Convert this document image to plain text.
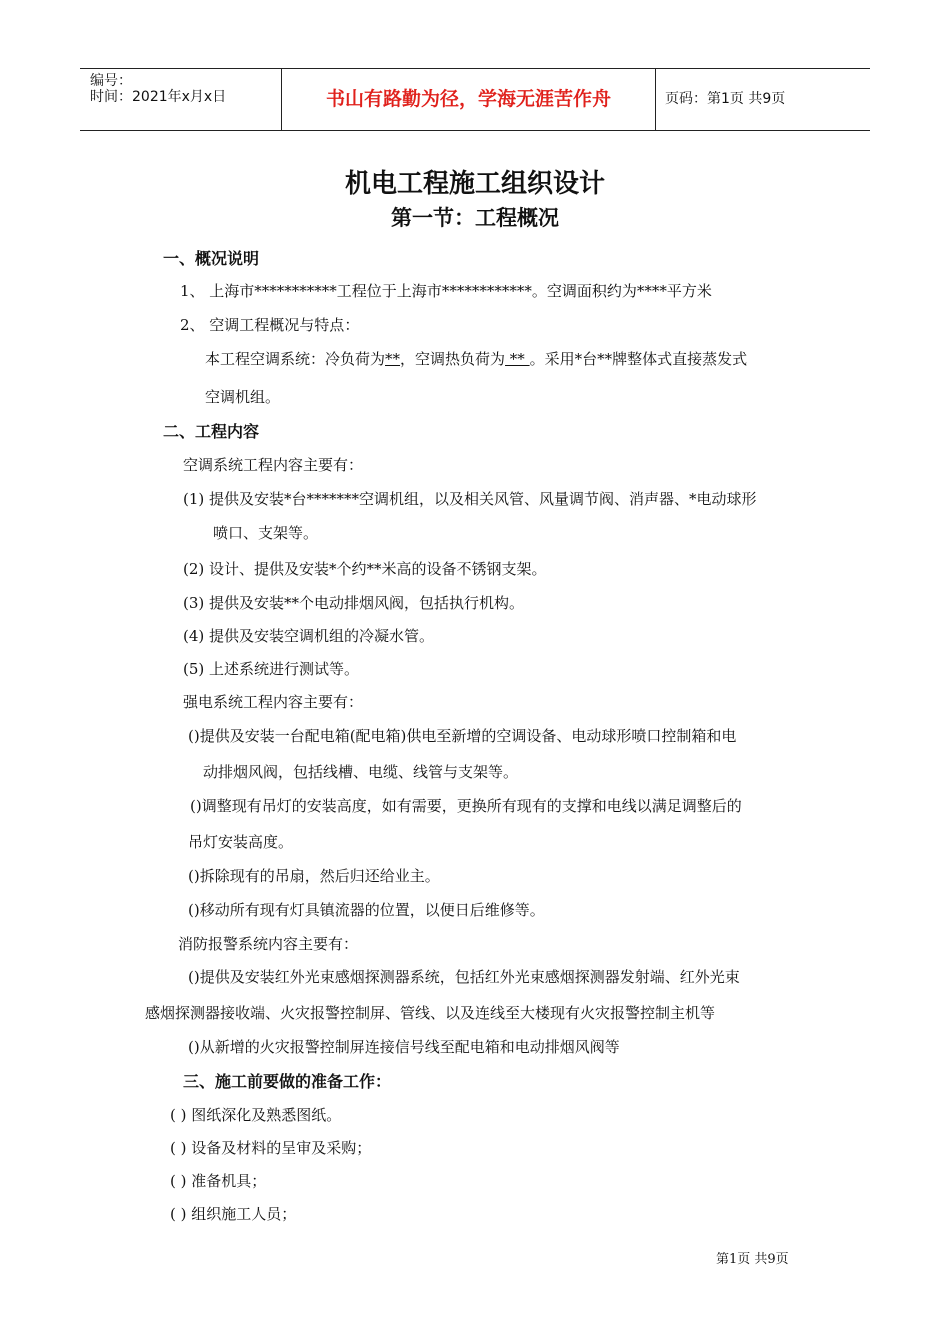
编号：
时间：2021年x月x日	书山有路勤为径，学海无涯苦作舟	页码：第1页 共9页
机电工程施工组织设计
第一节：工程概况
一、概况说明
1、 上海市***********工程位于上海市************。空调面积约为****平方米
2、 空调工程概况与特点：
本工程空调系统：冷负荷为**，空调热负荷为 ** 。采用*台**牌整体式直接蒸发式
空调机组。
二、工程内容
空调系统工程内容主要有：
(1) 提供及安装*台*******空调机组，以及相关风管、风量调节阀、消声器、*电动球形
喷口、支架等。
(2) 设计、提供及安装*个约**米高的设备不锈钢支架。
(3) 提供及安装**个电动排烟风阀，包括执行机构。
(4) 提供及安装空调机组的冷凝水管。
(5) 上述系统进行测试等。
强电系统工程内容主要有：
()提供及安装一台配电箱(配电箱)供电至新增的空调设备、电动球形喷口控制箱和电
动排烟风阀，包括线槽、电缆、线管与支架等。
()调整现有吊灯的安装高度，如有需要，更换所有现有的支撑和电线以满足调整后的
吊灯安装高度。
()拆除现有的吊扇，然后归还给业主。
()移动所有现有灯具镇流器的位置，以便日后维修等。
消防报警系统内容主要有：
()提供及安装红外光束感烟探测器系统，包括红外光束感烟探测器发射端、红外光束
感烟探测器接收端、火灾报警控制屏、管线、以及连线至大楼现有火灾报警控制主机等
()从新增的火灾报警控制屏连接信号线至配电箱和电动排烟风阀等
三、施工前要做的准备工作：
( ) 图纸深化及熟悉图纸。
( ) 设备及材料的呈审及采购；
( ) 准备机具；
( ) 组织施工人员；
第1页 共9页
